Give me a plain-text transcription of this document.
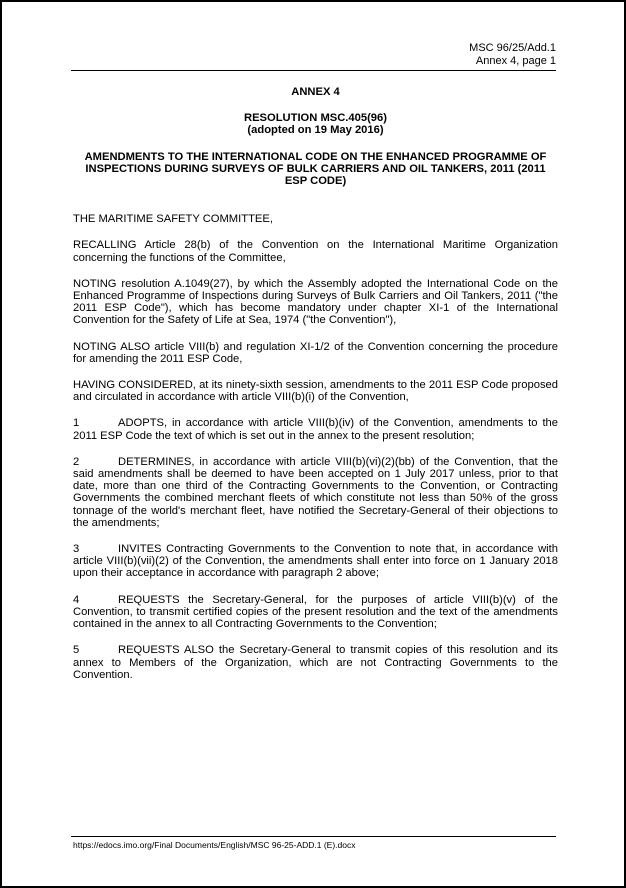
MSC 96/25/Add.1
Annex 4, page 1

ANNEX 4

RESOLUTION MSC.405(96)

(adopted on 19 May 2016)

AMENDMENTS TO THE INTERNATIONAL CODE ON THE ENHANCED PROGRAMME OF INSPECTIONS DURING SURVEYS OF BULK CARRIERS AND OIL TANKERS, 2011 (2011 ESP CODE)

THE MARITIME SAFETY COMMITTEE,

RECALLING Article 28(b) of the Convention on the International Maritime Organization concerning the functions of the Committee,

NOTING resolution A.1049(27), by which the Assembly adopted the International Code on the Enhanced Programme of Inspections during Surveys of Bulk Carriers and Oil Tankers, 2011 ("the 2011 ESP Code"), which has become mandatory under chapter XI-1 of the International Convention for the Safety of Life at Sea, 1974 ("the Convention"),

NOTING ALSO article VIII(b) and regulation XI-1/2 of the Convention concerning the procedure for amending the 2011 ESP Code,

HAVING CONSIDERED, at its ninety-sixth session, amendments to the 2011 ESP Code proposed and circulated in accordance with article VIII(b)(i) of the Convention,

1	ADOPTS, in accordance with article VIII(b)(iv) of the Convention, amendments to the 2011 ESP Code the text of which is set out in the annex to the present resolution;

2	DETERMINES, in accordance with article VIII(b)(vi)(2)(bb) of the Convention, that the said amendments shall be deemed to have been accepted on 1 July 2017 unless, prior to that date, more than one third of the Contracting Governments to the Convention, or Contracting Governments the combined merchant fleets of which constitute not less than 50% of the gross tonnage of the world's merchant fleet, have notified the Secretary-General of their objections to the amendments;

3	INVITES Contracting Governments to the Convention to note that, in accordance with article VIII(b)(vii)(2) of the Convention, the amendments shall enter into force on 1 January 2018 upon their acceptance in accordance with paragraph 2 above;

4	REQUESTS the Secretary-General, for the purposes of article VIII(b)(v) of the Convention, to transmit certified copies of the present resolution and the text of the amendments contained in the annex to all Contracting Governments to the Convention;

5	REQUESTS ALSO the Secretary-General to transmit copies of this resolution and its annex to Members of the Organization, which are not Contracting Governments to the Convention.

https://edocs.imo.org/Final Documents/English/MSC 96-25-ADD.1 (E).docx
